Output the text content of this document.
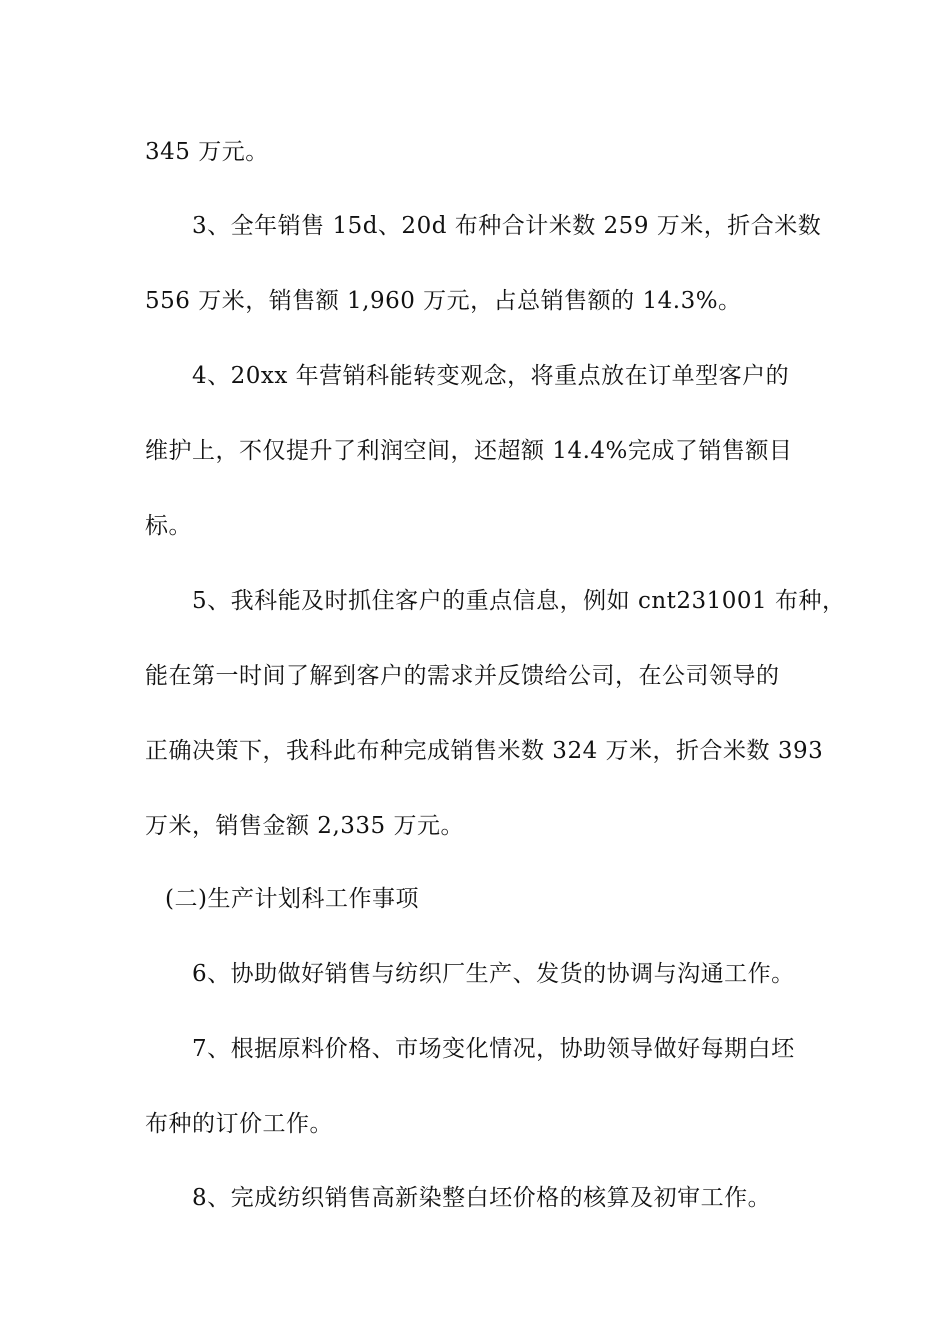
345 万元。
3、全年销售 15d、20d 布种合计米数 259 万米，折合米数
556 万米，销售额 1,960 万元，占总销售额的 14.3%。
4、20xx 年营销科能转变观念，将重点放在订单型客户的
维护上，不仅提升了利润空间，还超额 14.4%完成了销售额目
标。
5、我科能及时抓住客户的重点信息，例如 cnt231001 布种，
能在第一时间了解到客户的需求并反馈给公司，在公司领导的
正确决策下，我科此布种完成销售米数 324 万米，折合米数 393
万米，销售金额 2,335 万元。
(二)生产计划科工作事项
6、协助做好销售与纺织厂生产、发货的协调与沟通工作。
7、根据原料价格、市场变化情况，协助领导做好每期白坯
布种的订价工作。
8、完成纺织销售高新染整白坯价格的核算及初审工作。
